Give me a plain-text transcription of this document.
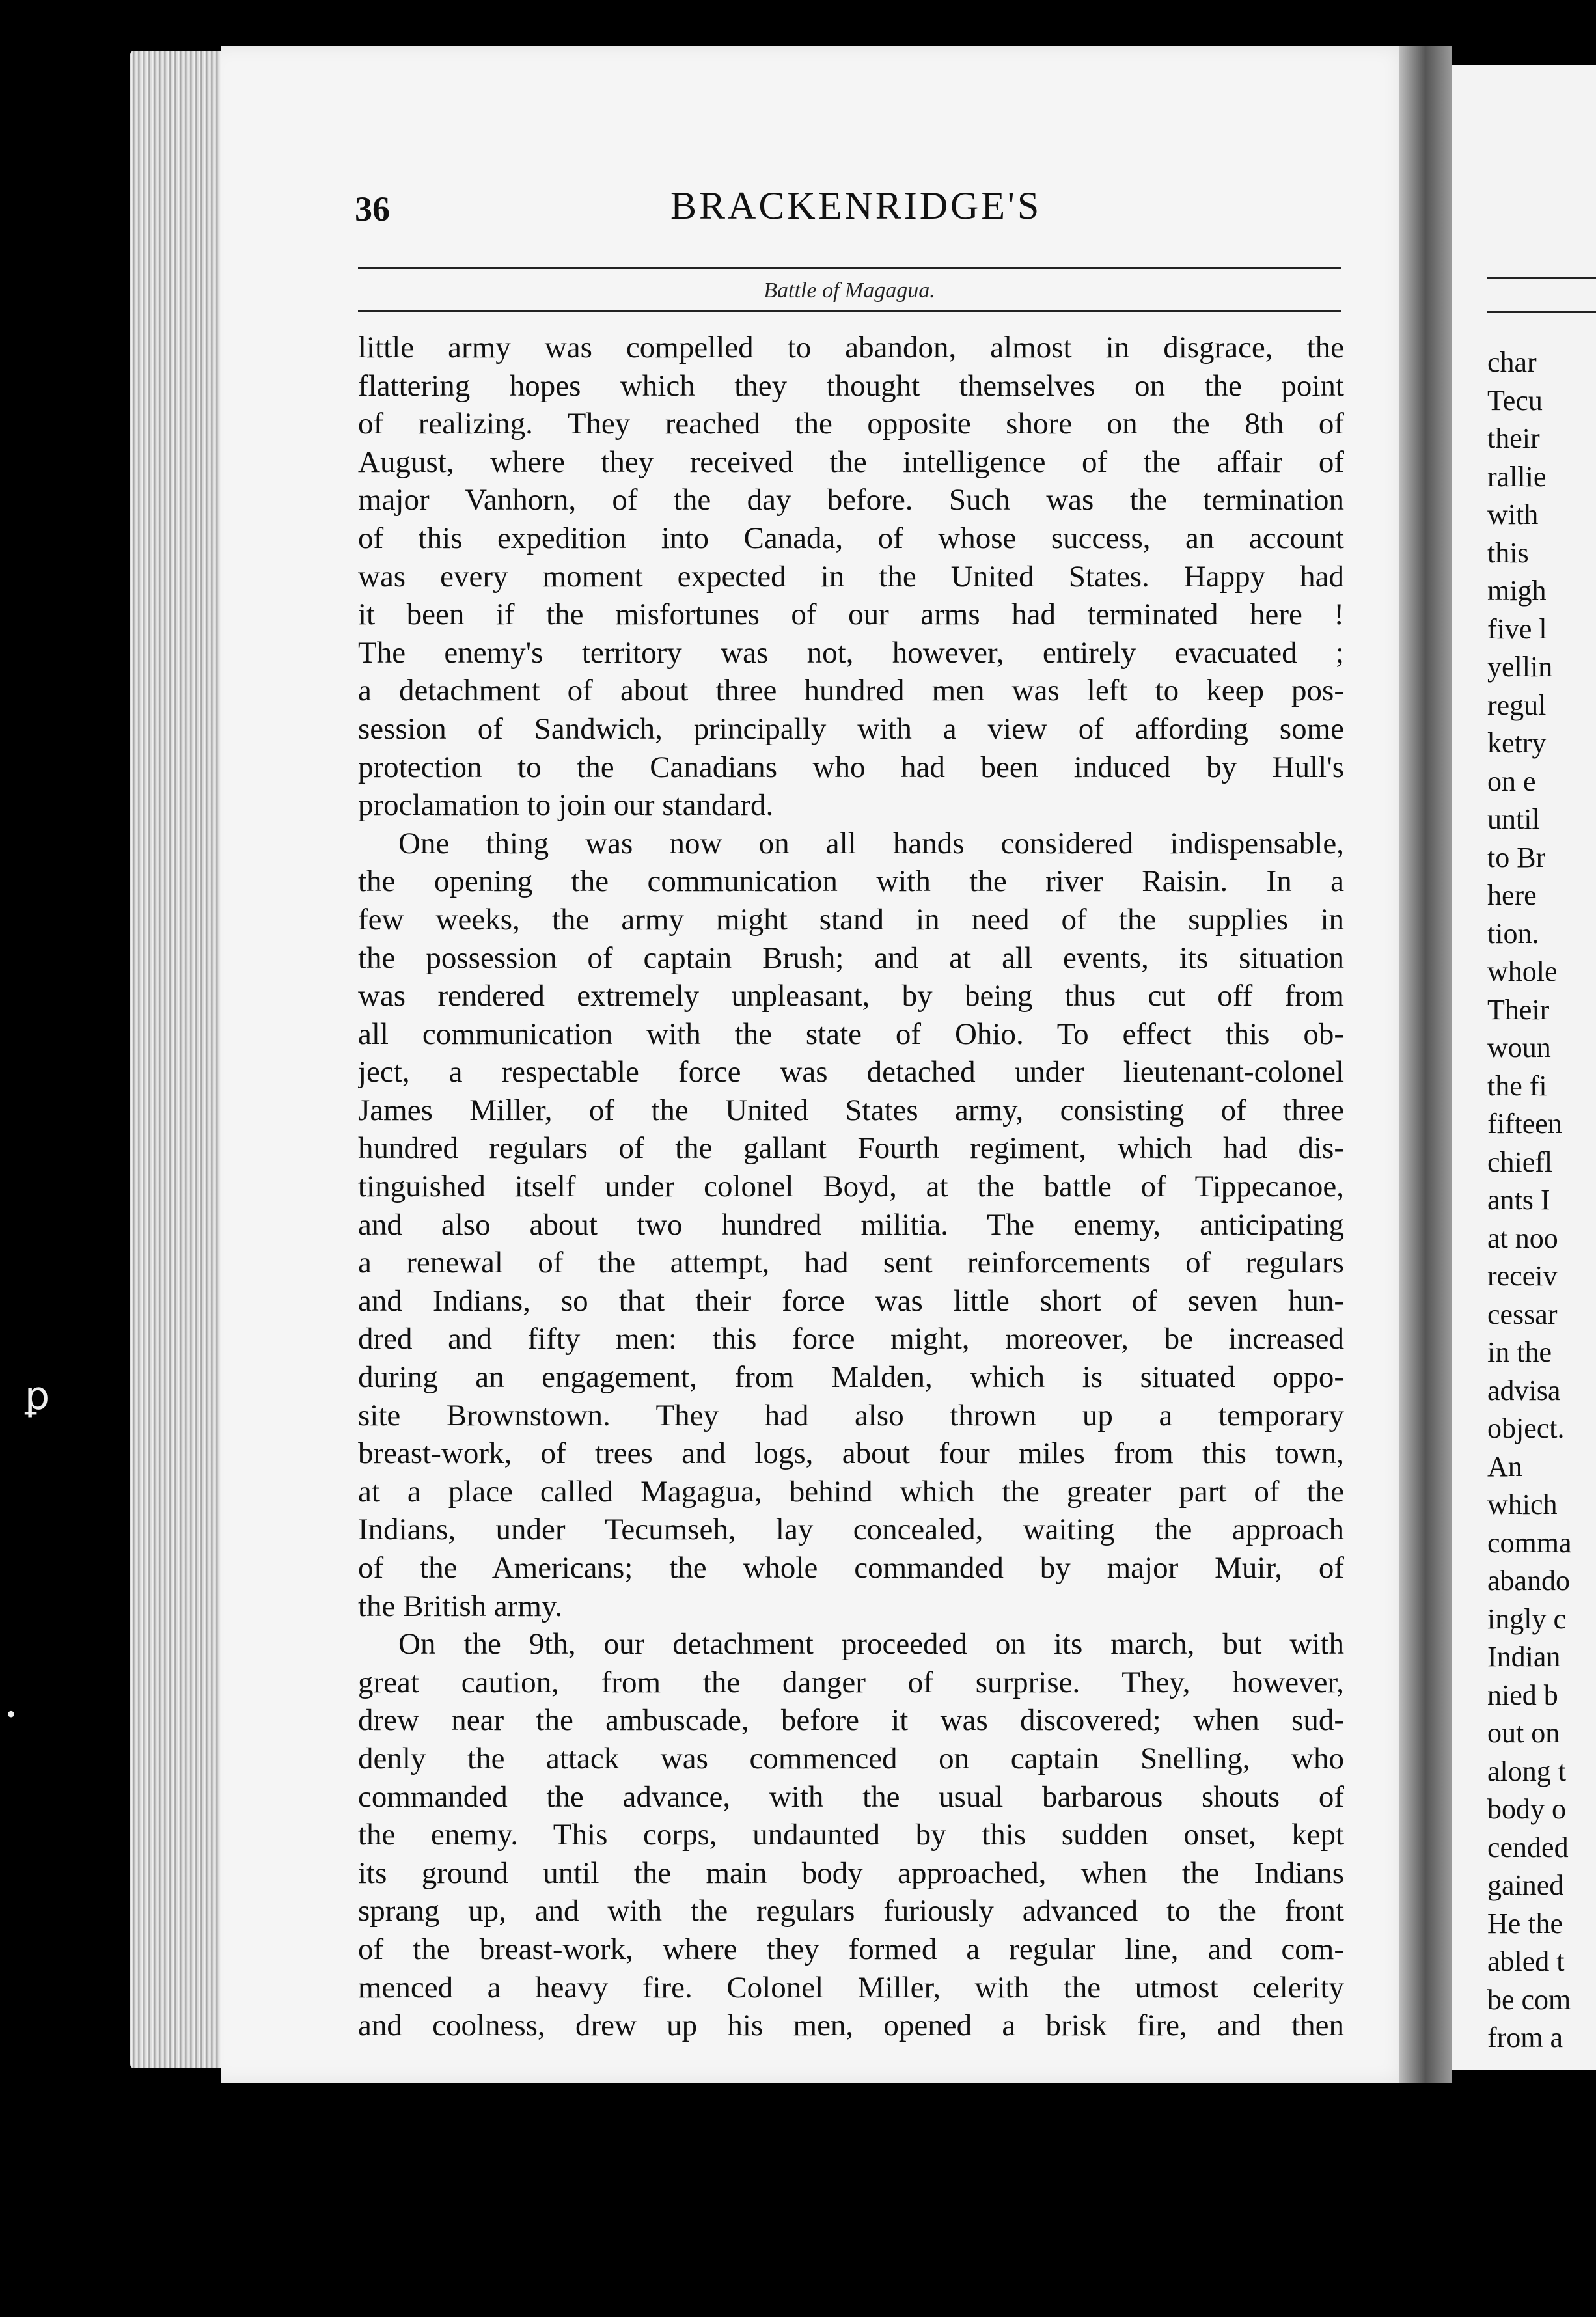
char
Tecu
their
rallie
with
this
migh
five l
yellin
regul
ketry
on e
until
to Br
here
tion.
whole
Their
woun
the fi
fifteen
chiefl
ants I
at noo
receiv
cessar
in the
advisa
object.
An
which
comma
abando
ingly c
Indian
nied b
out on
along t
body o
cended
gained
He the
abled t
be com
from a
36	BRACKENRIDGE'S
Battle of Magagua.
little army was compelled to abandon, almost in disgrace, the
flattering hopes which they thought themselves on the point
of realizing. They reached the opposite shore on the 8th of
August, where they received the intelligence of the affair of
major Vanhorn, of the day before. Such was the termination
of this expedition into Canada, of whose success, an account
was every moment expected in the United States. Happy had
it been if the misfortunes of our arms had terminated here !
The enemy's territory was not, however, entirely evacuated ;
a detachment of about three hundred men was left to keep pos-
session of Sandwich, principally with a view of affording some
protection to the Canadians who had been induced by Hull's
proclamation to join our standard.
One thing was now on all hands considered indispensable,
the opening the communication with the river Raisin. In a
few weeks, the army might stand in need of the supplies in
the possession of captain Brush; and at all events, its situation
was rendered extremely unpleasant, by being thus cut off from
all communication with the state of Ohio. To effect this ob-
ject, a respectable force was detached under lieutenant-colonel
James Miller, of the United States army, consisting of three
hundred regulars of the gallant Fourth regiment, which had dis-
tinguished itself under colonel Boyd, at the battle of Tippecanoe,
and also about two hundred militia. The enemy, anticipating
a renewal of the attempt, had sent reinforcements of regulars
and Indians, so that their force was little short of seven hun-
dred and fifty men: this force might, moreover, be increased
during an engagement, from Malden, which is situated oppo-
site Brownstown. They had also thrown up a temporary
breast-work, of trees and logs, about four miles from this town,
at a place called Magagua, behind which the greater part of the
Indians, under Tecumseh, lay concealed, waiting the approach
of the Americans; the whole commanded by major Muir, of
the British army.
On the 9th, our detachment proceeded on its march, but with
great caution, from the danger of surprise. They, however,
drew near the ambuscade, before it was discovered; when sud-
denly the attack was commenced on captain Snelling, who
commanded the advance, with the usual barbarous shouts of
the enemy. This corps, undaunted by this sudden onset, kept
its ground until the main body approached, when the Indians
sprang up, and with the regulars furiously advanced to the front
of the breast-work, where they formed a regular line, and com-
menced a heavy fire. Colonel Miller, with the utmost celerity
and coolness, drew up his men, opened a brisk fire, and then
ꝑ
•
